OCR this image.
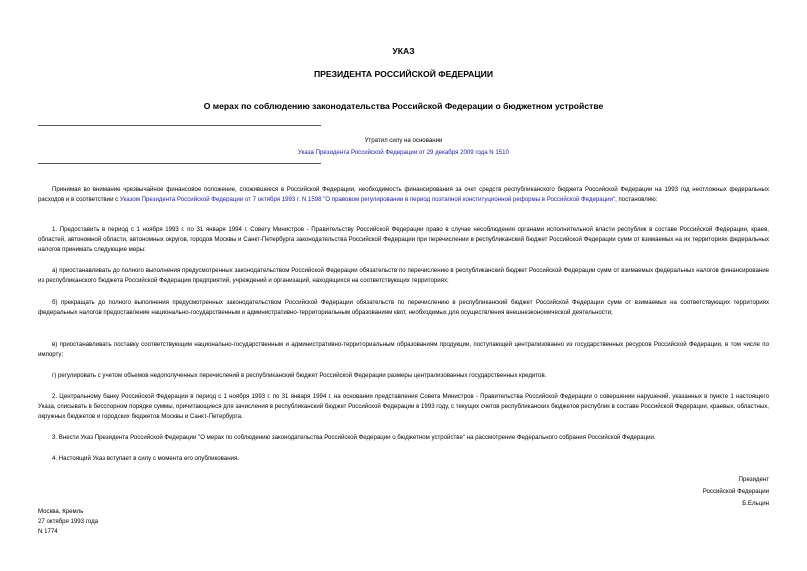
УКАЗ

ПРЕЗИДЕНТА РОССИЙСКОЙ ФЕДЕРАЦИИ

О мерах по соблюдению законодательства Российской Федерации о бюджетном устройстве

Утратил силу на основании

Указа Президента Российской Федерации от 29 декабря 2009 года N 1510

Принимая во внимание чрезвычайное финансовое положение, сложившееся в Российской Федерации, необходимость финансирования за счет средств республиканского бюджета Российской Федерации на 1993 год неотложных федеральных расходов и в соответствии с Указом Президента Российской Федерации от 7 октября 1993 г. N 1598 "О правовом регулировании в период поэтапной конституционной реформы в Российской Федерации", постановляю:

1. Предоставить в период с 1 ноября 1993 г. по 31 января 1994 г. Совету Министров - Правительству Российской Федерации право в случае несоблюдения органами исполнительной власти республик в составе Российской Федерации, краев, областей, автономной области, автономных округов, городов Москвы и Санкт-Петербурга законодательства Российской Федерации при перечислении в республиканский бюджет Российской Федерации сумм от взимаемых на их территориях федеральных налогов принимать следующие меры:

а) приостанавливать до полного выполнения предусмотренных законодательством Российской Федерации обязательств по перечислению в республиканский бюджет Российской Федерации сумм от взимаемых федеральных налогов финансирование из республиканского бюджета Российской Федерации предприятий, учреждений и организаций, находящихся на соответствующих территориях;

б) прекращать до полного выполнения предусмотренных законодательством Российской Федерации обязательств по перечислению в республиканский бюджет Российской Федерации сумм от взимаемых на соответствующих территориях федеральных налогов предоставление национально-государственным и административно-территориальным образованиям квот, необходимых для осуществления внешнеэкономической деятельности;

в) приостанавливать поставку соответствующим национально-государственным и административно-территориальным образованиям продукции, поступающей централизованно из государственных ресурсов Российской Федерации, в том числе по импорту;

г) регулировать с учетом объемов недополученных перечислений в республиканский бюджет Российской Федерации размеры централизованных государственных кредитов.

2. Центральному банку Российской Федерации в период с 1 ноября 1993 г. по 31 января 1994 г. на основании представления Совета Министров - Правительства Российской Федерации о совершении нарушений, указанных в пункте 1 настоящего Указа, списывать в бесспорном порядке суммы, причитающиеся для зачисления в республиканский бюджет Российской Федерации в 1993 году, с текущих счетов республиканских бюджетов республик в составе Российской Федерации, краевых, областных, окружных бюджетов и городских бюджетов Москвы и Санкт-Петербурга.

3. Внести Указ Президента Российской Федерации "О мерах по соблюдению законодательства Российской Федерации о бюджетном устройстве" на рассмотрение Федерального собрания Российской Федерации.

4. Настоящий Указ вступает в силу с момента его опубликования.

Президент
Российской Федерации
Б.Ельцин
Москва, Кремль
27 октября 1993 года
N 1774
